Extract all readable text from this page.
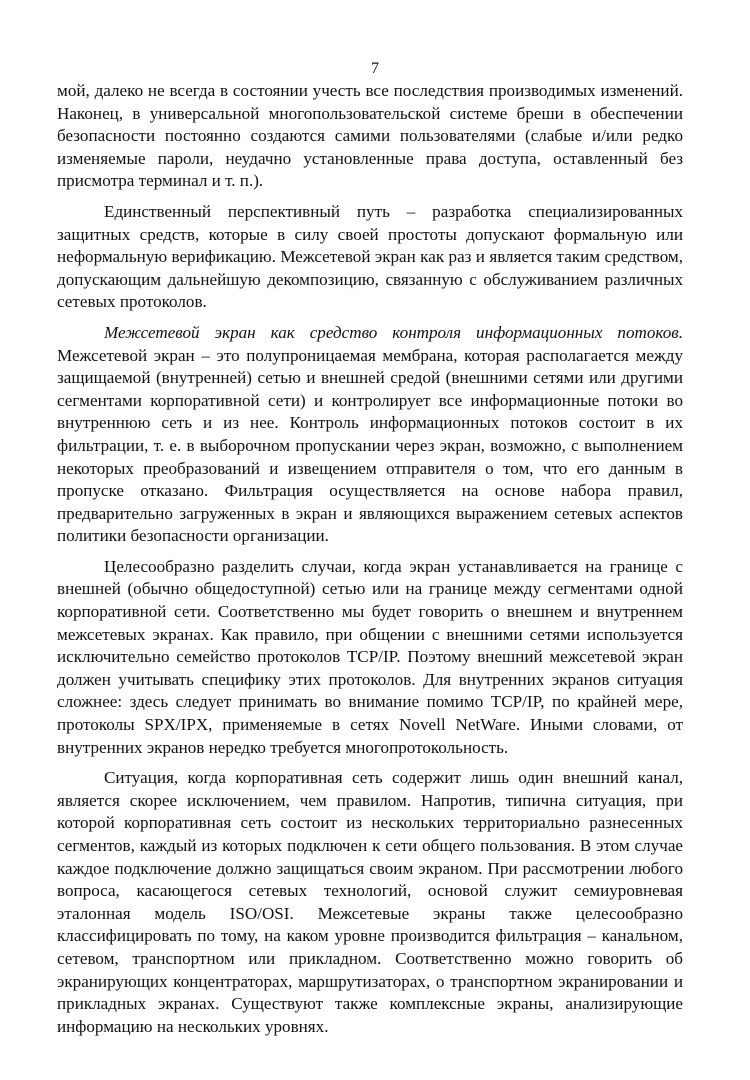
7

мой, далеко не всегда в состоянии учесть все последствия производимых изменений. Наконец, в универсальной многопользовательской системе бреши в обеспечении безопасности постоянно создаются самими пользователями (слабые и/или редко изменяемые пароли, неудачно установленные права доступа, оставленный без присмотра терминал и т. п.).

Единственный перспективный путь – разработка специализированных защитных средств, которые в силу своей простоты допускают формальную или неформальную верификацию. Межсетевой экран как раз и является таким средством, допускающим дальнейшую декомпозицию, связанную с обслуживанием различных сетевых протоколов.

Межсетевой экран как средство контроля информационных потоков. Межсетевой экран – это полупроницаемая мембрана, которая располагается между защищаемой (внутренней) сетью и внешней средой (внешними сетями или другими сегментами корпоративной сети) и контролирует все информационные потоки во внутреннюю сеть и из нее. Контроль информационных потоков состоит в их фильтрации, т. е. в выборочном пропускании через экран, возможно, с выполнением некоторых преобразований и извещением отправителя о том, что его данным в пропуске отказано. Фильтрация осуществляется на основе набора правил, предварительно загруженных в экран и являющихся выражением сетевых аспектов политики безопасности организации.

Целесообразно разделить случаи, когда экран устанавливается на границе с внешней (обычно общедоступной) сетью или на границе между сегментами одной корпоративной сети. Соответственно мы будет говорить о внешнем и внутреннем межсетевых экранах. Как правило, при общении с внешними сетями используется исключительно семейство протоколов TCP/IP. Поэтому внешний межсетевой экран должен учитывать специфику этих протоколов. Для внутренних экранов ситуация сложнее: здесь следует принимать во внимание помимо TCP/IP, по крайней мере, протоколы SPX/IPX, применяемые в сетях Novell NetWare. Иными словами, от внутренних экранов нередко требуется многопротокольность.

Ситуация, когда корпоративная сеть содержит лишь один внешний канал, является скорее исключением, чем правилом. Напротив, типична ситуация, при которой корпоративная сеть состоит из нескольких территориально разнесенных сегментов, каждый из которых подключен к сети общего пользования. В этом случае каждое подключение должно защищаться своим экраном. При рассмотрении любого вопроса, касающегося сетевых технологий, основой служит семиуровневая эталонная модель ISO/OSI. Межсетевые экраны также целесообразно классифицировать по тому, на каком уровне производится фильтрация – канальном, сетевом, транспортном или прикладном. Соответственно можно говорить об экранирующих концентраторах, маршрутизаторах, о транспортном экранировании и прикладных экранах. Существуют также комплексные экраны, анализирующие информацию на нескольких уровнях.
